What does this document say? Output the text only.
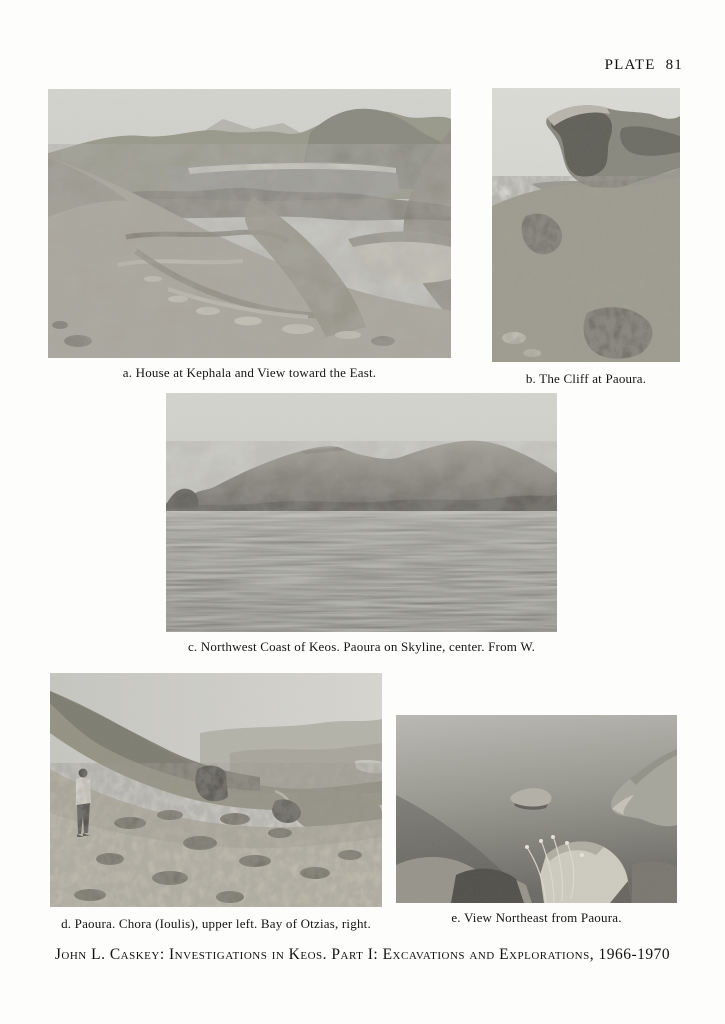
PLATE 81
a. House at Kephala and View toward the East.	b. The Cliff at Paoura.
c. Northwest Coast of Keos. Paoura on Skyline, center. From W.
d. Paoura. Chora (Ioulis), upper left. Bay of Otzias, right.	e. View Northeast from Paoura.
John L. Caskey: Investigations in Keos. Part I: Excavations and Explorations, 1966-1970
